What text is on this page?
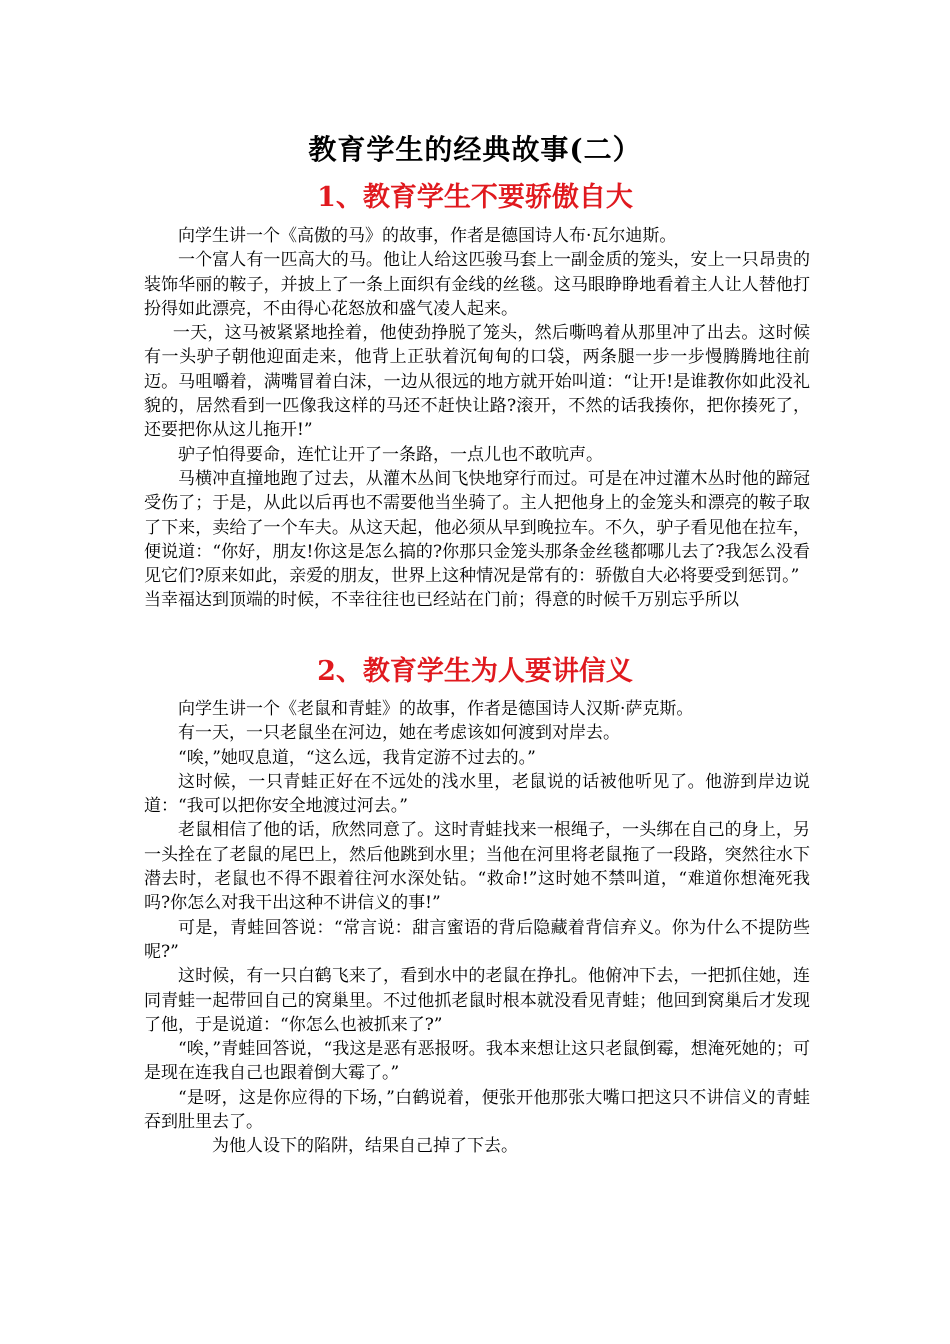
教育学生的经典故事(二）
1、教育学生不要骄傲自大

向学生讲一个《高傲的马》的故事，作者是德国诗人布·瓦尔迪斯。

一个富人有一匹高大的马。他让人给这匹骏马套上一副金质的笼头，安上一只昂贵的装饰华丽的鞍子，并披上了一条上面织有金线的丝毯。这马眼睁睁地看着主人让人替他打扮得如此漂亮，不由得心花怒放和盛气凌人起来。

一天，这马被紧紧地拴着，他使劲挣脱了笼头，然后嘶鸣着从那里冲了出去。这时候有一头驴子朝他迎面走来，他背上正驮着沉甸甸的口袋，两条腿一步一步慢腾腾地往前迈。马咀嚼着，满嘴冒着白沫，一边从很远的地方就开始叫道：“让开!是谁教你如此没礼貌的，居然看到一匹像我这样的马还不赶快让路?滚开，不然的话我揍你，把你揍死了，还要把你从这儿拖开!”

驴子怕得要命，连忙让开了一条路，一点儿也不敢吭声。

马横冲直撞地跑了过去，从灌木丛间飞快地穿行而过。可是在冲过灌木丛时他的蹄冠受伤了；于是，从此以后再也不需要他当坐骑了。主人把他身上的金笼头和漂亮的鞍子取了下来，卖给了一个车夫。从这天起，他必须从早到晚拉车。不久，驴子看见他在拉车，便说道：“你好，朋友!你这是怎么搞的?你那只金笼头那条金丝毯都哪儿去了?我怎么没看见它们?原来如此，亲爱的朋友，世界上这种情况是常有的：骄傲自大必将要受到惩罚。”

当幸福达到顶端的时候，不幸往往也已经站在门前；得意的时候千万别忘乎所以

2、教育学生为人要讲信义

向学生讲一个《老鼠和青蛙》的故事，作者是德国诗人汉斯·萨克斯。

有一天，一只老鼠坐在河边，她在考虑该如何渡到对岸去。

“唉，”她叹息道，“这么远，我肯定游不过去的。”

这时候，一只青蛙正好在不远处的浅水里，老鼠说的话被他听见了。他游到岸边说道：“我可以把你安全地渡过河去。”

老鼠相信了他的话，欣然同意了。这时青蛙找来一根绳子，一头绑在自己的身上，另一头拴在了老鼠的尾巴上，然后他跳到水里；当他在河里将老鼠拖了一段路，突然往水下潜去时，老鼠也不得不跟着往河水深处钻。“救命!”这时她不禁叫道，“难道你想淹死我吗?你怎么对我干出这种不讲信义的事!”

可是，青蛙回答说：“常言说：甜言蜜语的背后隐藏着背信弃义。你为什么不提防些呢?”

这时候，有一只白鹤飞来了，看到水中的老鼠在挣扎。他俯冲下去，一把抓住她，连同青蛙一起带回自己的窝巢里。不过他抓老鼠时根本就没看见青蛙；他回到窝巢后才发现了他，于是说道：“你怎么也被抓来了?”

“唉，”青蛙回答说，“我这是恶有恶报呀。我本来想让这只老鼠倒霉，想淹死她的；可是现在连我自己也跟着倒大霉了。”

“是呀，这是你应得的下场，”白鹤说着，便张开他那张大嘴口把这只不讲信义的青蛙吞到肚里去了。

为他人设下的陷阱，结果自己掉了下去。
